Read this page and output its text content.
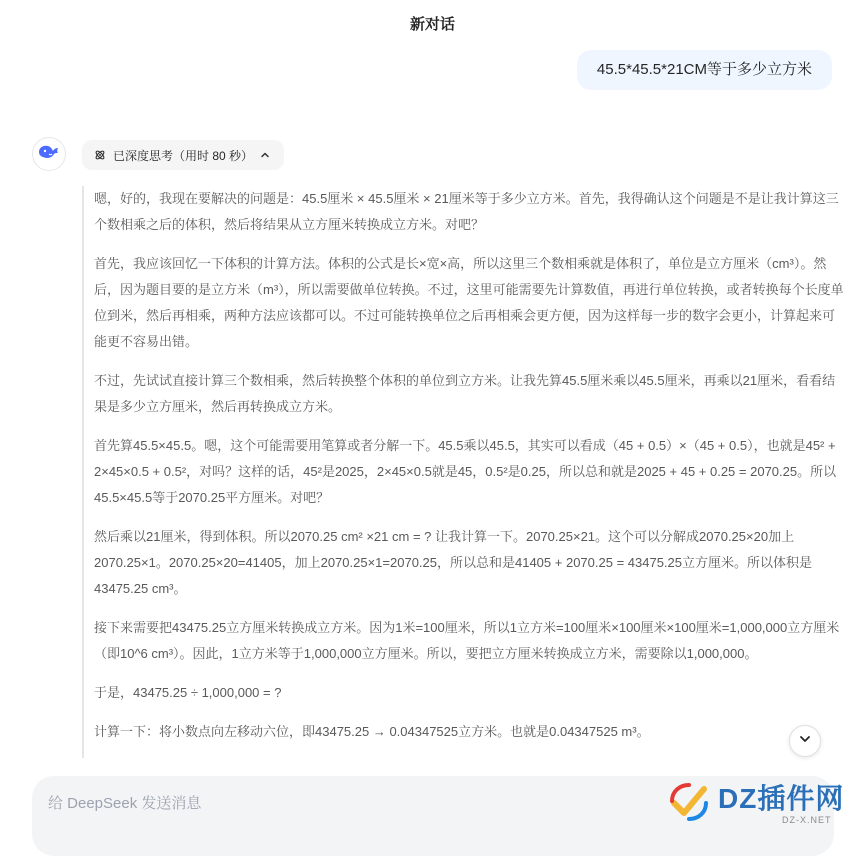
新对话
45.5*45.5*21CM等于多少立方米
已深度思考（用时 80 秒）

嗯，好的，我现在要解决的问题是：45.5厘米 × 45.5厘米 × 21厘米等于多少立方米。首先，我得确认这个问题是不是让我计算这三个数相乘之后的体积，然后将结果从立方厘米转换成立方米。对吧？

首先，我应该回忆一下体积的计算方法。体积的公式是长×宽×高，所以这里三个数相乘就是体积了，单位是立方厘米（cm³）。然后，因为题目要的是立方米（m³），所以需要做单位转换。不过，这里可能需要先计算数值，再进行单位转换，或者转换每个长度单位到米，然后再相乘，两种方法应该都可以。不过可能转换单位之后再相乘会更方便，因为这样每一步的数字会更小，计算起来可能更不容易出错。

不过，先试试直接计算三个数相乘，然后转换整个体积的单位到立方米。让我先算45.5厘米乘以45.5厘米，再乘以21厘米，看看结果是多少立方厘米，然后再转换成立方米。

首先算45.5×45.5。嗯，这个可能需要用笔算或者分解一下。45.5乘以45.5，其实可以看成（45 + 0.5）×（45 + 0.5），也就是45² + 2×45×0.5 + 0.5²，对吗？这样的话，45²是2025，2×45×0.5就是45，0.5²是0.25，所以总和就是2025 + 45 + 0.25 = 2070.25。所以45.5×45.5等于2070.25平方厘米。对吧？

然后乘以21厘米，得到体积。所以2070.25 cm² ×21 cm = ? 让我计算一下。2070.25×21。这个可以分解成2070.25×20加上2070.25×1。2070.25×20=41405，加上2070.25×1=2070.25，所以总和是41405 + 2070.25 = 43475.25立方厘米。所以体积是43475.25 cm³。

接下来需要把43475.25立方厘米转换成立方米。因为1米=100厘米，所以1立方米=100厘米×100厘米×100厘米=1,000,000立方厘米（即10^6 cm³）。因此，1立方米等于1,000,000立方厘米。所以，要把立方厘米转换成立方米，需要除以1,000,000。

于是，43475.25 ÷ 1,000,000 = ?

计算一下：将小数点向左移动六位，即43475.25 → 0.04347525立方米。也就是0.04347525 m³。

给 DeepSeek 发送消息	DZ插件网
DZ-X.NET
